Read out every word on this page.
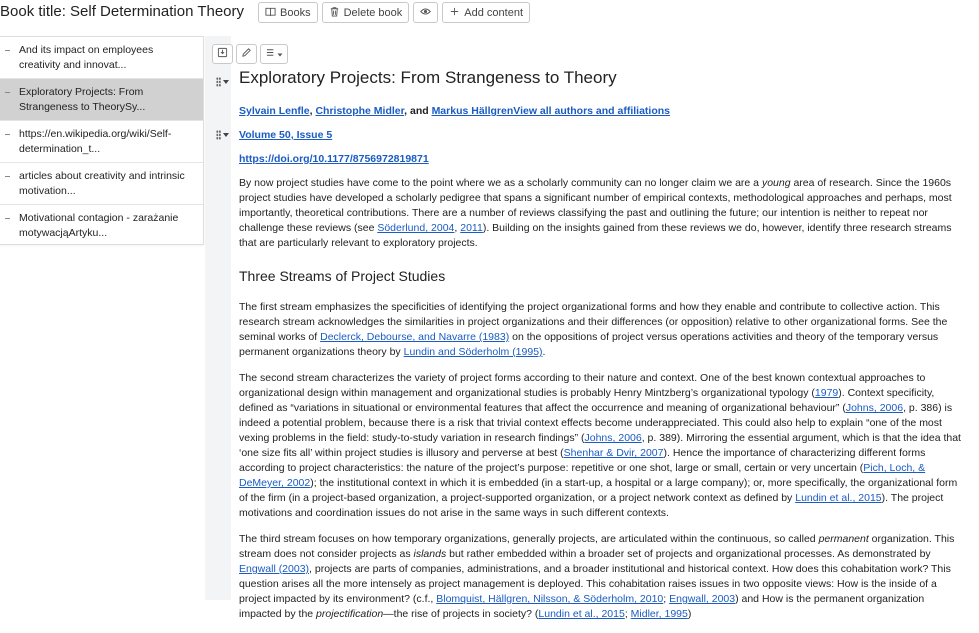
Book title: Self Determination Theory	Books	Delete book	Add content
And its impact on employees creativity and innovat...
Exploratory Projects: From Strangeness to TheorySy...
https://en.wikipedia.org/wiki/Self-determination_t...
articles about creativity and intrinsic motivation...
Motivational contagion - zarażanie motywacjąArtyku...
Exploratory Projects: From Strangeness to Theory
Sylvain Lenfle, Christophe Midler, and Markus HällgrenView all authors and affiliations
Volume 50, Issue 5
https://doi.org/10.1177/8756972819871

By now project studies have come to the point where we as a scholarly community can no longer claim we are a young area of research. Since the 1960s project studies have developed a scholarly pedigree that spans a significant number of empirical contexts, methodological approaches and perhaps, most importantly, theoretical contributions. There are a number of reviews classifying the past and outlining the future; our intention is neither to repeat nor challenge these reviews (see Söderlund, 2004, 2011). Building on the insights gained from these reviews we do, however, identify three research streams that are particularly relevant to exploratory projects.

Three Streams of Project Studies

The first stream emphasizes the specificities of identifying the project organizational forms and how they enable and contribute to collective action. This research stream acknowledges the similarities in project organizations and their differences (or opposition) relative to other organizational forms. See the seminal works of Declerck, Debourse, and Navarre (1983) on the oppositions of project versus operations activities and theory of the temporary versus permanent organizations theory by Lundin and Söderholm (1995).

The second stream characterizes the variety of project forms according to their nature and context. One of the best known contextual approaches to organizational design within management and organizational studies is probably Henry Mintzberg’s organizational typology (1979). Context specificity, defined as “variations in situational or environmental features that affect the occurrence and meaning of organizational behaviour” (Johns, 2006, p. 386) is indeed a potential problem, because there is a risk that trivial context effects become underappreciated. This could also help to explain “one of the most vexing problems in the field: study-to-study variation in research findings” (Johns, 2006, p. 389). Mirroring the essential argument, which is that the idea that ‘one size fits all’ within project studies is illusory and perverse at best (Shenhar & Dvir, 2007). Hence the importance of characterizing different forms according to project characteristics: the nature of the project’s purpose: repetitive or one shot, large or small, certain or very uncertain (Pich, Loch, & DeMeyer, 2002); the institutional context in which it is embedded (in a start-up, a hospital or a large company); or, more specifically, the organizational form of the firm (in a project-based organization, a project-supported organization, or a project network context as defined by Lundin et al., 2015). The project motivations and coordination issues do not arise in the same ways in such different contexts.

The third stream focuses on how temporary organizations, generally projects, are articulated within the continuous, so called permanent organization. This stream does not consider projects as islands but rather embedded within a broader set of projects and organizational processes. As demonstrated by Engwall (2003), projects are parts of companies, administrations, and a broader institutional and historical context. How does this cohabitation work? This question arises all the more intensely as project management is deployed. This cohabitation raises issues in two opposite views: How is the inside of a project impacted by its environment? (c.f., Blomquist, Hällgren, Nilsson, & Söderholm, 2010; Engwall, 2003) and How is the permanent organization impacted by the projectification—the rise of projects in society? (Lundin et al., 2015; Midler, 1995)
